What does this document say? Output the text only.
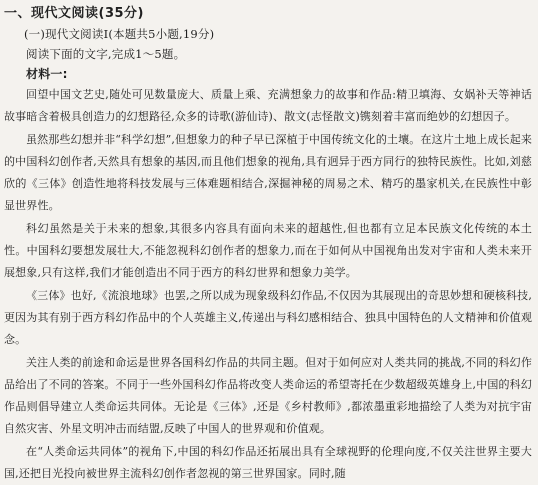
一、现代文阅读(35分)
(一)现代文阅读Ⅰ(本题共5小题,19分)
阅读下面的文字,完成1～5题。
材料一:

回望中国文艺史,随处可见数量庞大、质量上乘、充满想象力的故事和作品:精卫填海、女娲补天等神话故事暗含着极具创造力的幻想路径,众多的诗歌(游仙诗)、散文(志怪散文)镌刻着丰富而绝妙的幻想因子。

虽然那些幻想并非“科学幻想”,但想象力的种子早已深植于中国传统文化的土壤。在这片土地上成长起来的中国科幻创作者,天然具有想象的基因,而且他们想象的视角,具有迥异于西方同行的独特民族性。比如,刘慈欣的《三体》创造性地将科技发展与三体难题相结合,深掘神秘的周易之术、精巧的墨家机关,在民族性中彰显世界性。

科幻虽然是关于未来的想象,其很多内容具有面向未来的超越性,但也都有立足本民族文化传统的本土性。中国科幻要想发展壮大,不能忽视科幻创作者的想象力,而在于如何从中国视角出发对宇宙和人类未来开展想象,只有这样,我们才能创造出不同于西方的科幻世界和想象力美学。

《三体》也好,《流浪地球》也罢,之所以成为现象级科幻作品,不仅因为其展现出的奇思妙想和硬核科技,更因为其有别于西方科幻作品中的个人英雄主义,传递出与科幻感相结合、独具中国特色的人文精神和价值观念。

关注人类的前途和命运是世界各国科幻作品的共同主题。但对于如何应对人类共同的挑战,不同的科幻作品给出了不同的答案。不同于一些外国科幻作品将改变人类命运的希望寄托在少数超级英雄身上,中国的科幻作品则倡导建立人类命运共同体。无论是《三体》,还是《乡村教师》,都浓墨重彩地描绘了人类为对抗宇宙自然灾害、外星文明冲击而结盟,反映了中国人的世界观和价值观。

在“人类命运共同体”的视角下,中国的科幻作品还拓展出具有全球视野的伦理向度,不仅关注世界主要大国,还把目光投向被世界主流科幻创作者忽视的第三世界国家。同时,随
